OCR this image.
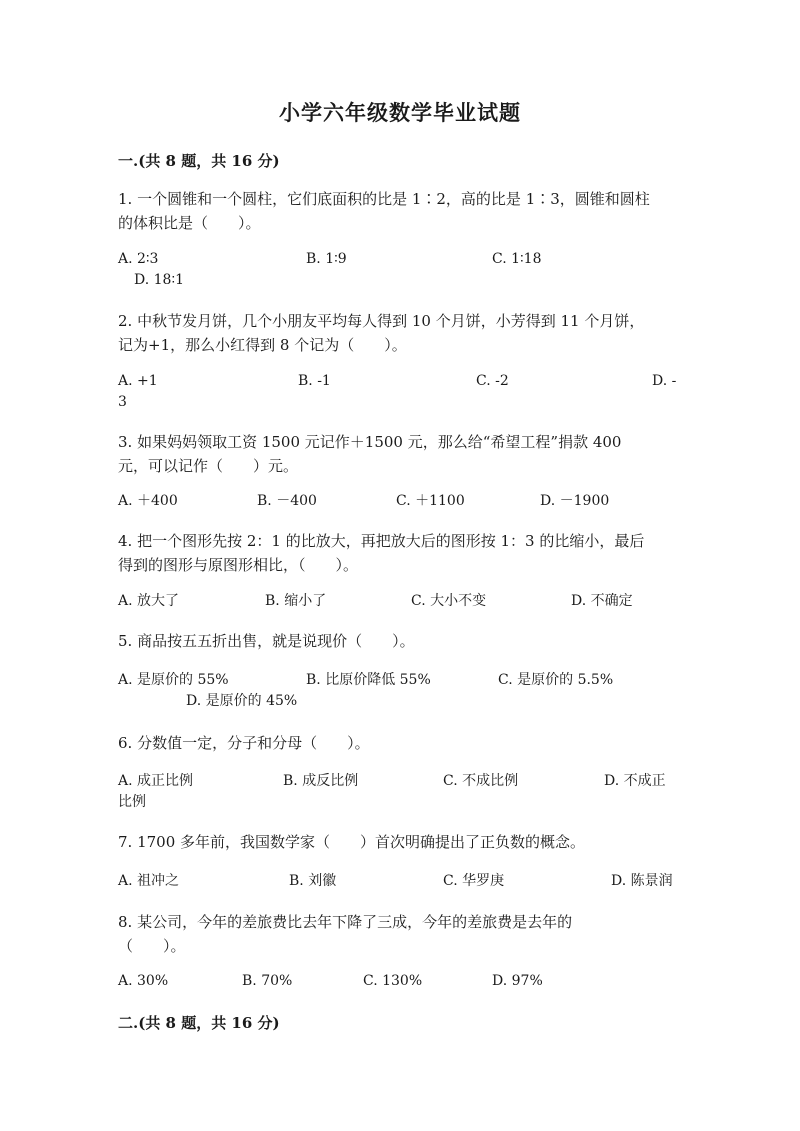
小学六年级数学毕业试题
一.(共 8 题，共 16 分)
1. 一个圆锥和一个圆柱，它们底面积的比是 1∶2，高的比是 1∶3，圆锥和圆柱
的体积比是（　　）。
A. 2∶3	B. 1∶9	C. 1∶18
D. 18∶1
2. 中秋节发月饼，几个小朋友平均每人得到 10 个月饼，小芳得到 11 个月饼，
记为+1，那么小红得到 8 个记为（　　）。
A. +1	B. -1	C. -2	D. -
3
3. 如果妈妈领取工资 1500 元记作＋1500 元，那么给“希望工程”捐款 400
元，可以记作（　　）元。
A. ＋400	B. －400	C. ＋1100	D. －1900
4. 把一个图形先按 2：1 的比放大，再把放大后的图形按 1：3 的比缩小，最后
得到的图形与原图形相比，（　　）。
A. 放大了	B. 缩小了	C. 大小不变	D. 不确定
5. 商品按五五折出售，就是说现价（　　）。
A. 是原价的 55%	B. 比原价降低 55%	C. 是原价的 5.5%
D. 是原价的 45%
6. 分数值一定，分子和分母（　　）。
A. 成正比例	B. 成反比例	C. 不成比例	D. 不成正
比例
7. 1700 多年前，我国数学家（　　）首次明确提出了正负数的概念。
A. 祖冲之	B. 刘徽	C. 华罗庚	D. 陈景润
8. 某公司，今年的差旅费比去年下降了三成，今年的差旅费是去年的
（　　）。
A. 30%	B. 70%	C. 130%	D. 97%
二.(共 8 题，共 16 分)
